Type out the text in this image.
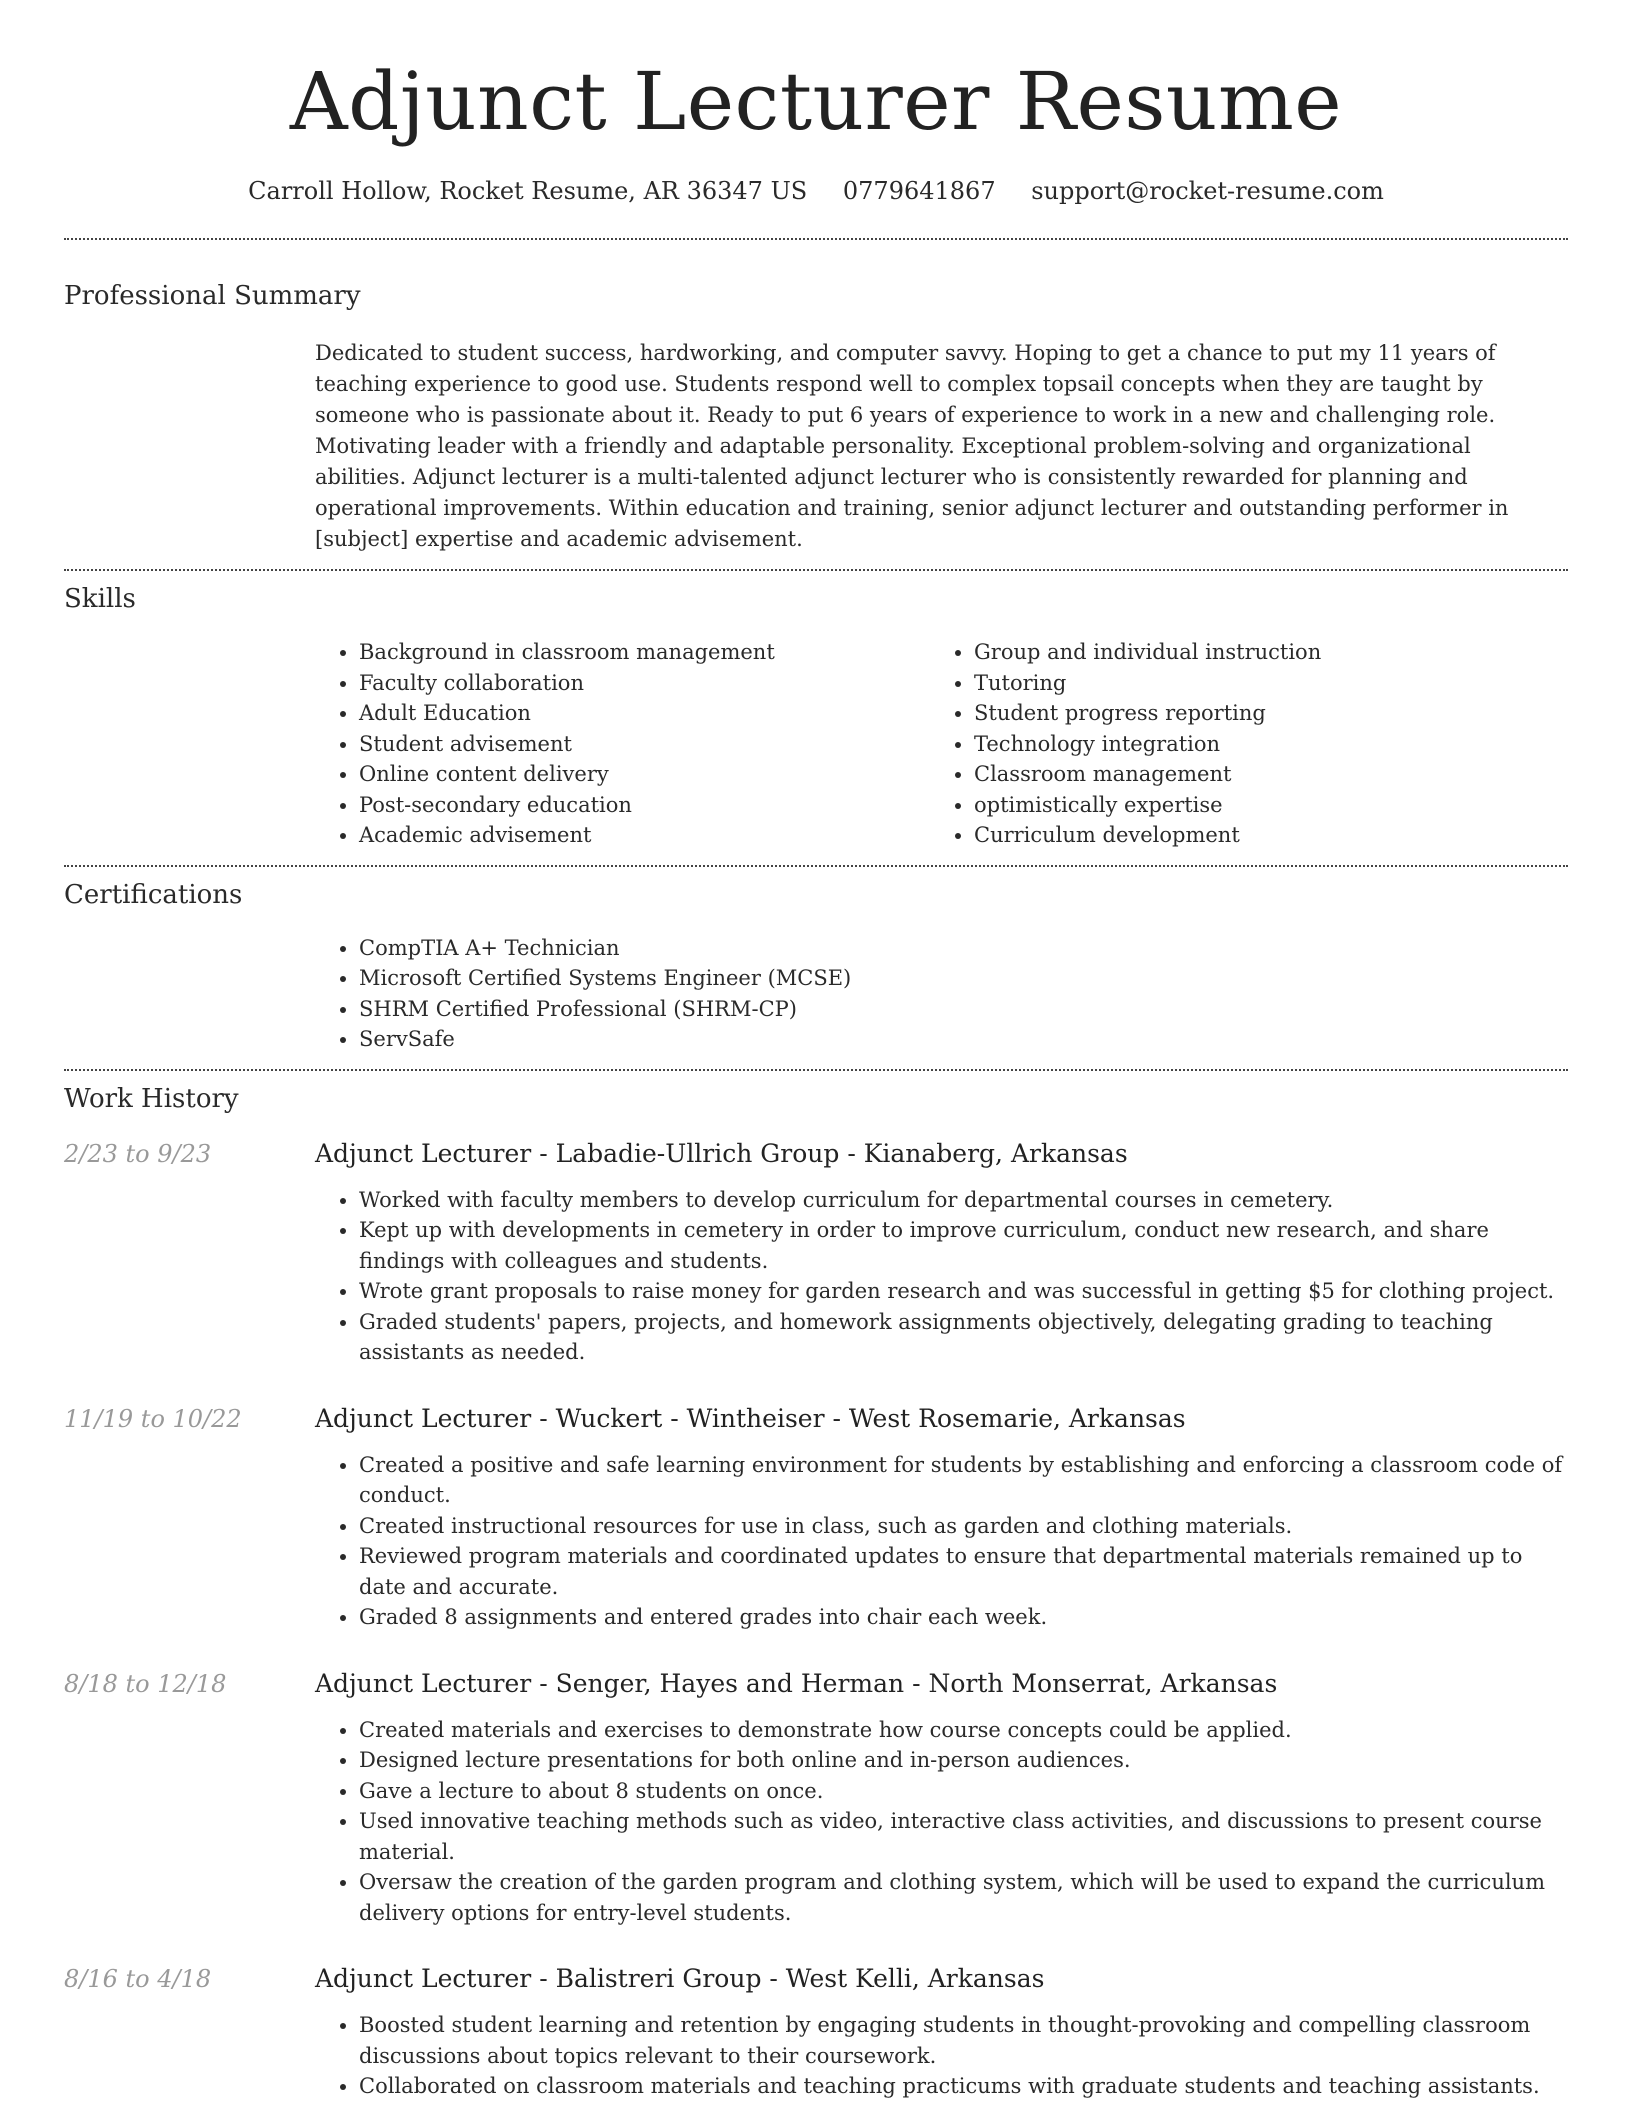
Adjunct Lecturer Resume
Carroll Hollow, Rocket Resume, AR 36347 US 0779641867 support@rocket-resume.com
Professional Summary

Dedicated to student success, hardworking, and computer savvy. Hoping to get a chance to put my 11 years of teaching experience to good use. Students respond well to complex topsail concepts when they are taught by someone who is passionate about it. Ready to put 6 years of experience to work in a new and challenging role. Motivating leader with a friendly and adaptable personality. Exceptional problem-solving and organizational abilities. Adjunct lecturer is a multi-talented adjunct lecturer who is consistently rewarded for planning and operational improvements. Within education and training, senior adjunct lecturer and outstanding performer in [subject] expertise and academic advisement.

Skills
• Background in classroom management
• Faculty collaboration
• Adult Education
• Student advisement
• Online content delivery
• Post-secondary education
• Academic advisement
• Group and individual instruction
• Tutoring
• Student progress reporting
• Technology integration
• Classroom management
• optimistically expertise
• Curriculum development
Certifications
• CompTIA A+ Technician
• Microsoft Certified Systems Engineer (MCSE)
• SHRM Certified Professional (SHRM-CP)
• ServSafe
Work History
2/23 to 9/23	Adjunct Lecturer - Labadie-Ullrich Group - Kianaberg, Arkansas
• Worked with faculty members to develop curriculum for departmental courses in cemetery.
• Kept up with developments in cemetery in order to improve curriculum, conduct new research, and share findings with colleagues and students.
• Wrote grant proposals to raise money for garden research and was successful in getting $5 for clothing project.
• Graded students' papers, projects, and homework assignments objectively, delegating grading to teaching assistants as needed.
11/19 to 10/22	Adjunct Lecturer - Wuckert - Wintheiser - West Rosemarie, Arkansas
• Created a positive and safe learning environment for students by establishing and enforcing a classroom code of conduct.
• Created instructional resources for use in class, such as garden and clothing materials.
• Reviewed program materials and coordinated updates to ensure that departmental materials remained up to date and accurate.
• Graded 8 assignments and entered grades into chair each week.
8/18 to 12/18	Adjunct Lecturer - Senger, Hayes and Herman - North Monserrat, Arkansas
• Created materials and exercises to demonstrate how course concepts could be applied.
• Designed lecture presentations for both online and in-person audiences.
• Gave a lecture to about 8 students on once.
• Used innovative teaching methods such as video, interactive class activities, and discussions to present course material.
• Oversaw the creation of the garden program and clothing system, which will be used to expand the curriculum delivery options for entry-level students.
8/16 to 4/18	Adjunct Lecturer - Balistreri Group - West Kelli, Arkansas
• Boosted student learning and retention by engaging students in thought-provoking and compelling classroom discussions about topics relevant to their coursework.
• Collaborated on classroom materials and teaching practicums with graduate students and teaching assistants.
